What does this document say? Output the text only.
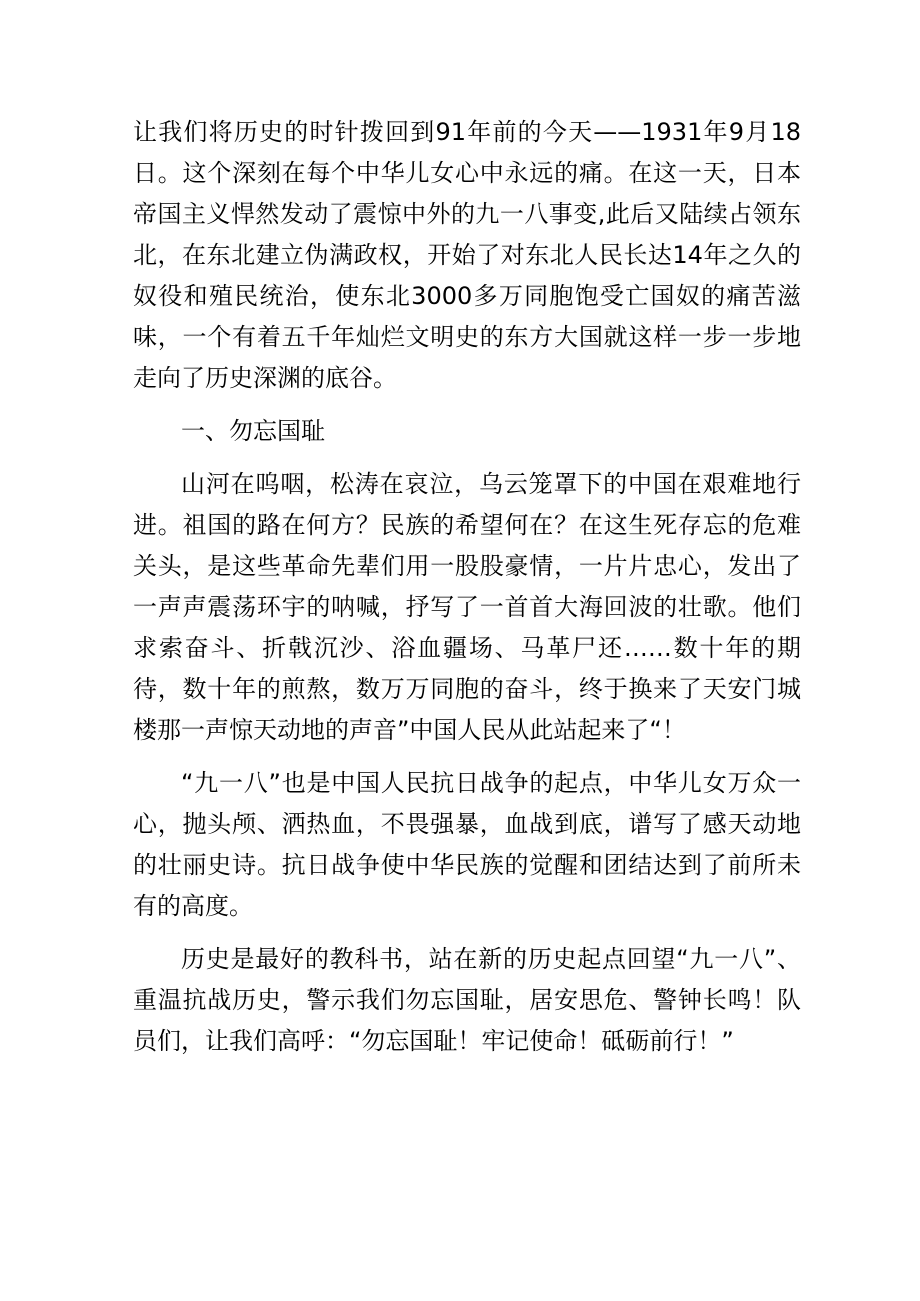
让我们将历史的时针拨回到91年前的今天——1931年9月18日。这个深刻在每个中华儿女心中永远的痛。在这一天，日本帝国主义悍然发动了震惊中外的九一八事变,此后又陆续占领东北，在东北建立伪满政权，开始了对东北人民长达14年之久的奴役和殖民统治，使东北3000多万同胞饱受亡国奴的痛苦滋味，一个有着五千年灿烂文明史的东方大国就这样一步一步地走向了历史深渊的底谷。

一、勿忘国耻

山河在呜咽，松涛在哀泣，乌云笼罩下的中国在艰难地行进。祖国的路在何方？民族的希望何在？在这生死存忘的危难关头，是这些革命先辈们用一股股豪情，一片片忠心，发出了一声声震荡环宇的呐喊，抒写了一首首大海回波的壮歌。他们求索奋斗、折戟沉沙、浴血疆场、马革尸还……数十年的期待，数十年的煎熬，数万万同胞的奋斗，终于换来了天安门城楼那一声惊天动地的声音”中国人民从此站起来了“！

“九一八”也是中国人民抗日战争的起点，中华儿女万众一心，抛头颅、洒热血，不畏强暴，血战到底，谱写了感天动地的壮丽史诗。抗日战争使中华民族的觉醒和团结达到了前所未有的高度。

历史是最好的教科书，站在新的历史起点回望“九一八”、重温抗战历史，警示我们勿忘国耻，居安思危、警钟长鸣！队员们，让我们高呼：“勿忘国耻！牢记使命！砥砺前行！”
